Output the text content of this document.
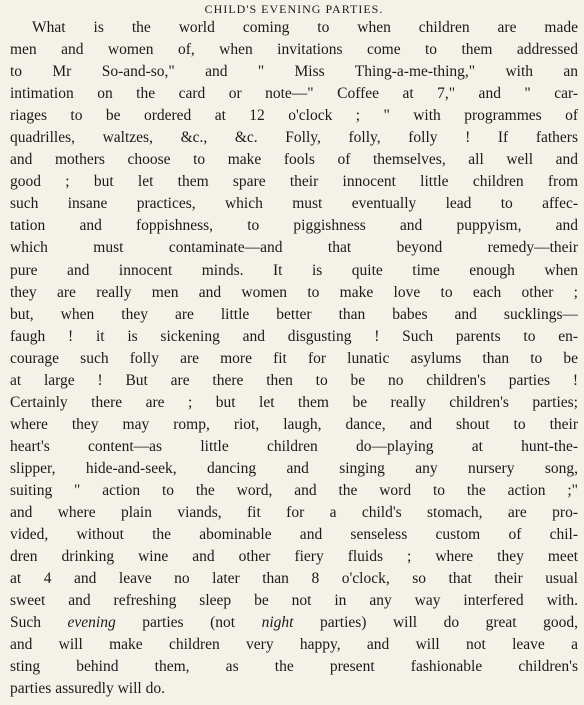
CHILD'S EVENING PARTIES.
What is the world coming to when children are made
men and women of, when invitations come to them addressed
to Mr So-and-so," and " Miss Thing-a-me-thing," with an
intimation on the card or note—" Coffee at 7," and " car-
riages to be ordered at 12 o'clock ; " with programmes of
quadrilles, waltzes, &c., &c. Folly, folly, folly ! If fathers
and mothers choose to make fools of themselves, all well and
good ; but let them spare their innocent little children from
such insane practices, which must eventually lead to affec-
tation and foppishness, to piggishness and puppyism, and
which must contaminate—and that beyond remedy—their
pure and innocent minds. It is quite time enough when
they are really men and women to make love to each other ;
but, when they are little better than babes and sucklings—
faugh ! it is sickening and disgusting ! Such parents to en-
courage such folly are more fit for lunatic asylums than to be
at large ! But are there then to be no children's parties !
Certainly there are ; but let them be really children's parties;
where they may romp, riot, laugh, dance, and shout to their
heart's content—as little children do—playing at hunt-the-
slipper, hide-and-seek, dancing and singing any nursery song,
suiting " action to the word, and the word to the action ;"
and where plain viands, fit for a child's stomach, are pro-
vided, without the abominable and senseless custom of chil-
dren drinking wine and other fiery fluids ; where they meet
at 4 and leave no later than 8 o'clock, so that their usual
sweet and refreshing sleep be not in any way interfered with.
Such evening parties (not night parties) will do great good,
and will make children very happy, and will not leave a
sting behind them, as the present fashionable children's
parties assuredly will do.
